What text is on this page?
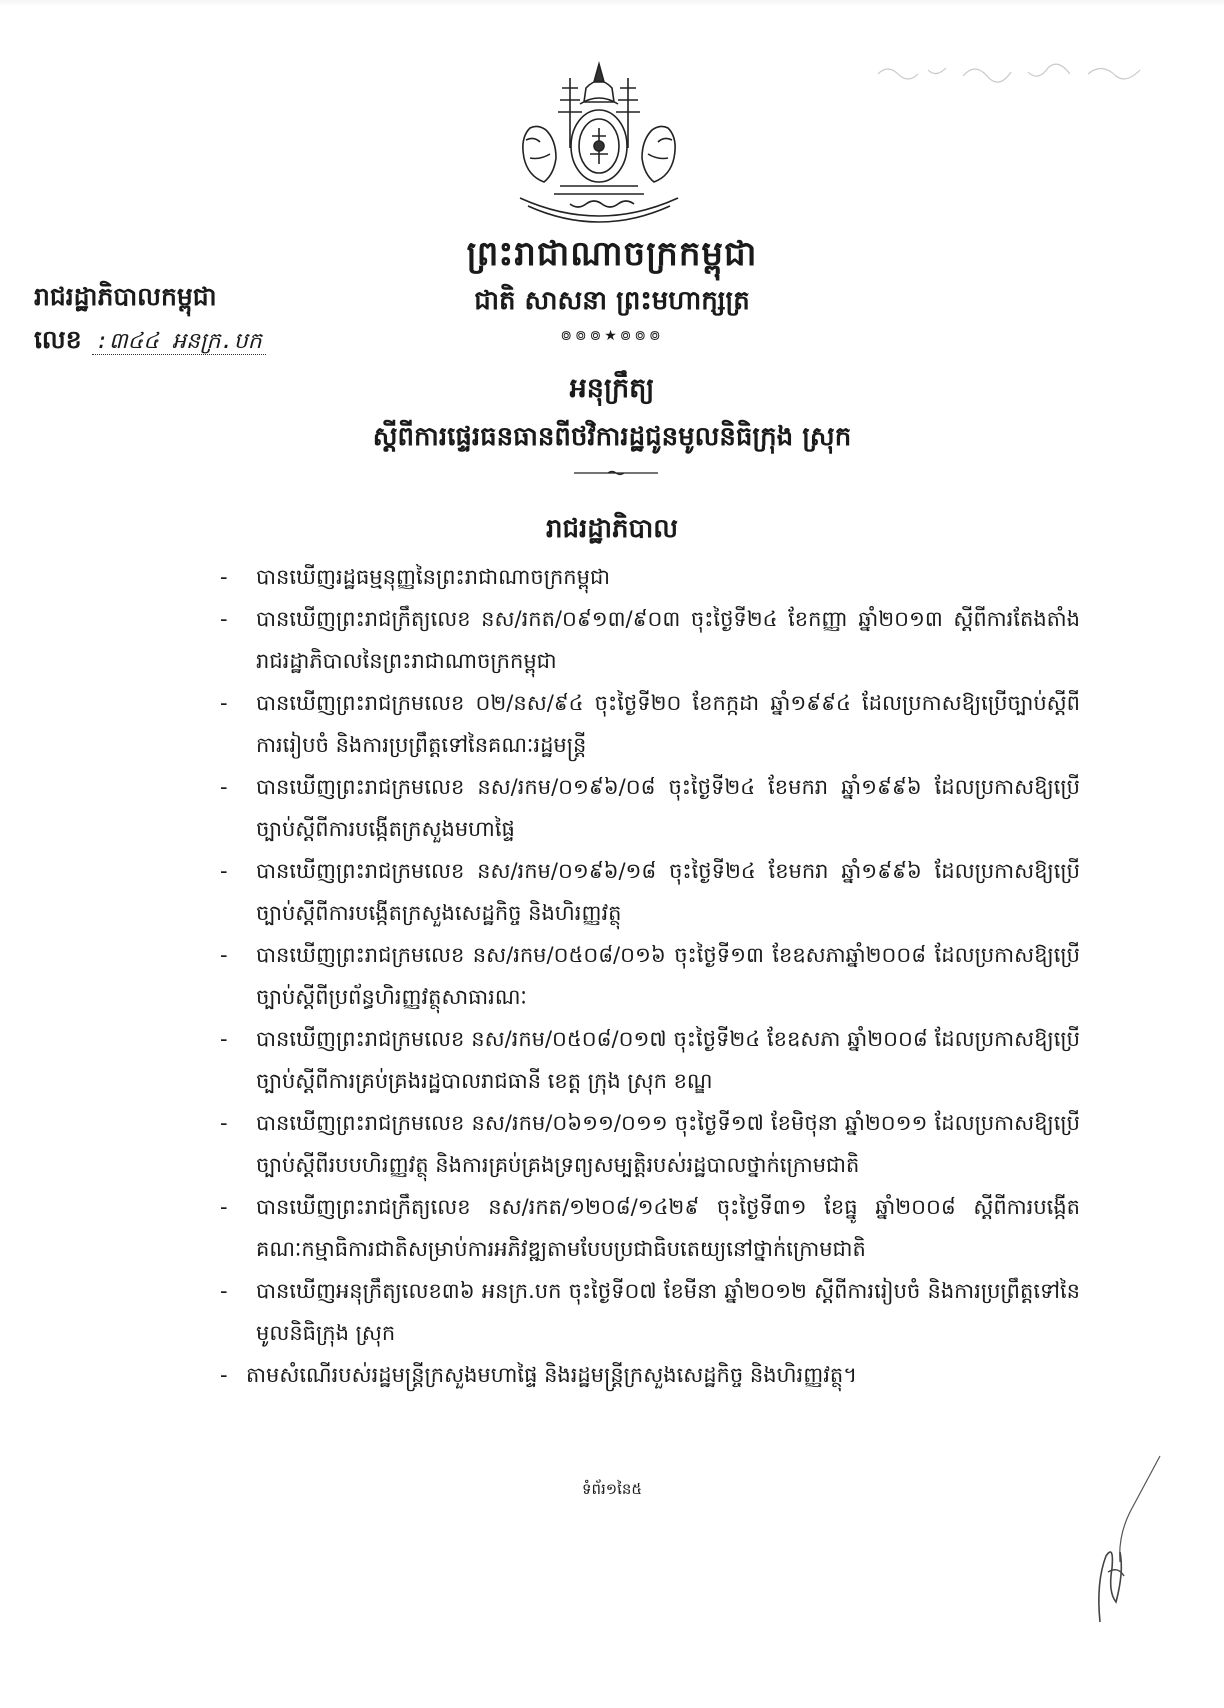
ព្រះរាជាណាចក្រកម្ពុជា
ជាតិ សាសនា ព្រះមហាក្សត្រ
៙៙៙★៙៙៙
រាជរដ្ឋាភិបាលកម្ពុជា
លេខ :៣៤៤ អនក្រ.បក
អនុក្រឹត្យ
ស្តីពីការផ្ទេរធនធានពីថវិការដ្ឋជូនមូលនិធិក្រុង ស្រុក
រាជរដ្ឋាភិបាល
- បានឃើញរដ្ឋធម្មនុញ្ញនៃព្រះរាជាណាចក្រកម្ពុជា
- បានឃើញព្រះរាជក្រឹត្យលេខ នស/រកត/០៩១៣/៩០៣ ចុះថ្ងៃទី២៤ ខែកញ្ញា ឆ្នាំ២០១៣ ស្តីពីការតែងតាំងរាជរដ្ឋាភិបាលនៃព្រះរាជាណាចក្រកម្ពុជា
- បានឃើញព្រះរាជក្រមលេខ ០២/នស/៩៤ ចុះថ្ងៃទី២០ ខែកក្កដា ឆ្នាំ១៩៩៤ ដែលប្រកាសឱ្យប្រើច្បាប់ស្តីពីការរៀបចំ និងការប្រព្រឹត្តទៅនៃគណៈរដ្ឋមន្ត្រី
- បានឃើញព្រះរាជក្រមលេខ នស/រកម/០១៩៦/០៨ ចុះថ្ងៃទី២៤ ខែមករា ឆ្នាំ១៩៩៦ ដែលប្រកាសឱ្យប្រើច្បាប់ស្តីពីការបង្កើតក្រសួងមហាផ្ទៃ
- បានឃើញព្រះរាជក្រមលេខ នស/រកម/០១៩៦/១៨ ចុះថ្ងៃទី២៤ ខែមករា ឆ្នាំ១៩៩៦ ដែលប្រកាសឱ្យប្រើច្បាប់ស្តីពីការបង្កើតក្រសួងសេដ្ឋកិច្ច និងហិរញ្ញវត្ថុ
- បានឃើញព្រះរាជក្រមលេខ នស/រកម/០៥០៨/០១៦ ចុះថ្ងៃទី១៣ ខែឧសភាឆ្នាំ២០០៨ ដែលប្រកាសឱ្យប្រើច្បាប់ស្តីពីប្រព័ន្ធហិរញ្ញវត្ថុសាធារណៈ
- បានឃើញព្រះរាជក្រមលេខ នស/រកម/០៥០៨/០១៧ ចុះថ្ងៃទី២៤ ខែឧសភា ឆ្នាំ២០០៨ ដែលប្រកាសឱ្យប្រើច្បាប់ស្តីពីការគ្រប់គ្រងរដ្ឋបាលរាជធានី ខេត្ត ក្រុង ស្រុក ខណ្ឌ
- បានឃើញព្រះរាជក្រមលេខ នស/រកម/០៦១១/០១១ ចុះថ្ងៃទី១៧ ខែមិថុនា ឆ្នាំ២០១១ ដែលប្រកាសឱ្យប្រើច្បាប់ស្តីពីរបបហិរញ្ញវត្ថុ និងការគ្រប់គ្រងទ្រព្យសម្បត្តិរបស់រដ្ឋបាលថ្នាក់ក្រោមជាតិ
- បានឃើញព្រះរាជក្រឹត្យលេខ នស/រកត/១២០៨/១៤២៩ ចុះថ្ងៃទី៣១ ខែធ្នូ ឆ្នាំ២០០៨ ស្តីពីការបង្កើតគណៈកម្មាធិការជាតិសម្រាប់ការអភិវឌ្ឍតាមបែបប្រជាធិបតេយ្យនៅថ្នាក់ក្រោមជាតិ
- បានឃើញអនុក្រឹត្យលេខ៣៦ អនក្រ.បក ចុះថ្ងៃទី០៧ ខែមីនា ឆ្នាំ២០១២ ស្តីពីការរៀបចំ និងការប្រព្រឹត្តទៅនៃមូលនិធិក្រុង ស្រុក
- តាមសំណើរបស់រដ្ឋមន្ត្រីក្រសួងមហាផ្ទៃ និងរដ្ឋមន្ត្រីក្រសួងសេដ្ឋកិច្ច និងហិរញ្ញវត្ថុ។
ទំព័រ១នៃ៥
